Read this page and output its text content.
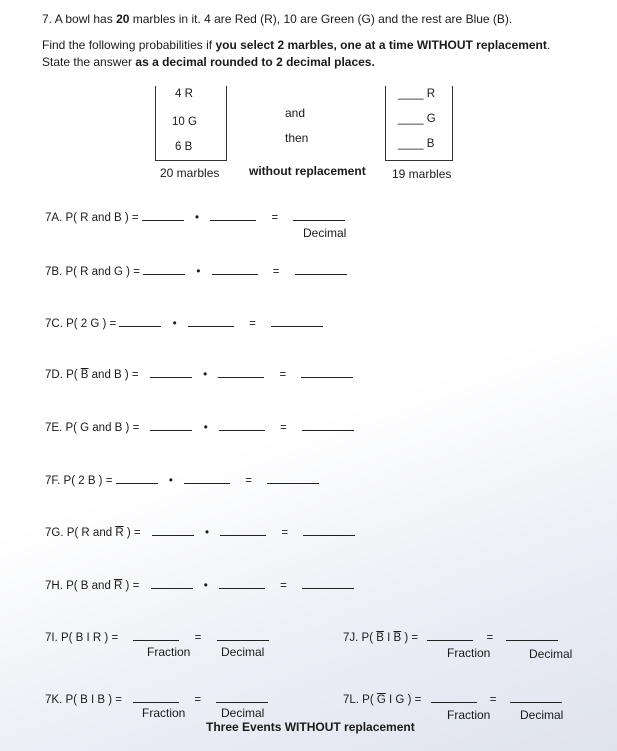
7. A bowl has 20 marbles in it. 4 are Red (R), 10 are Green (G) and the rest are Blue (B).
Find the following probabilities if you select 2 marbles, one at a time WITHOUT replacement.
State the answer as a decimal rounded to 2 decimal places.
4 R
10 G
6 B
20 marbles
and
then
without replacement
____ R
____ G
____ B
19 marbles
7A. P( R and B ) =	•	=
Decimal
7B. P( R and G ) =	•	=
7C. P( 2 G ) =	•	=
7D. P( $\overline{B}$ and B ) =	•	=
7E. P( G and B ) =	•	=
7F. P( 2 B ) =	•	=
7G. P( R and $\overline{R}$ ) =	•	=
7H. P( B and $\overline{R}$ ) =	•	=
7I. P( B I R ) =	=
Fraction	Decimal
7J. P( $\overline{B}$ I $\overline{B}$ ) =	=
Fraction	Decimal
7K. P( B I B ) =	=
Fraction	Decimal
7L. P( $\overline{G}$ I G ) =	=
Fraction Decimal
Three Events WITHOUT replacement
